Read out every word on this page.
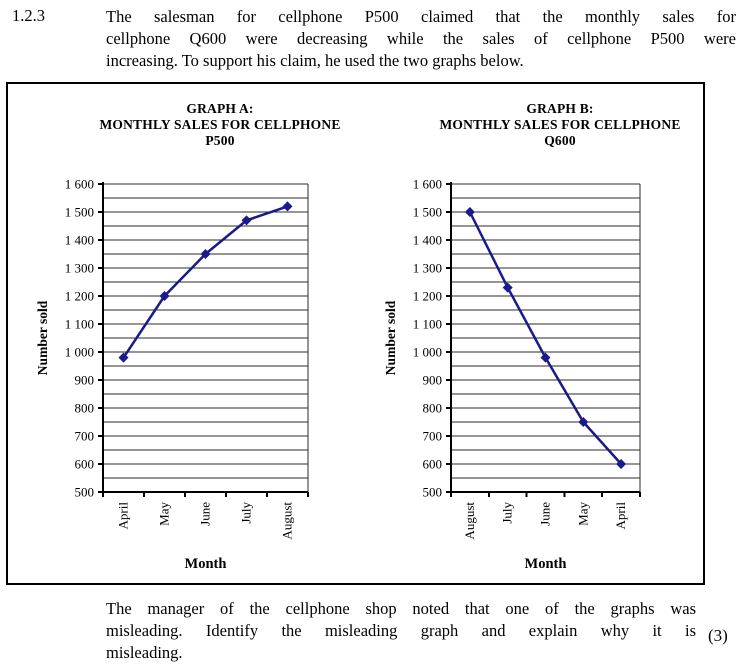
1.2.3	The salesman for cellphone P500 claimed that the monthly sales for
cellphone Q600 were decreasing while the sales of cellphone P500 were
increasing. To support his claim, he used the two graphs below.
GRAPH A:
MONTHLY SALES FOR CELLPHONE
P500
GRAPH B:
MONTHLY SALES FOR CELLPHONE
Q600
500
600
700
800
900
1 000
1 100
1 200
1 300
1 400
1 500
1 600
April May June July August
Number sold
Month
500
600
700
800
900
1 000
1 100
1 200
1 300
1 400
1 500
1 600
August July June May April
Number sold
Month
The manager of the cellphone shop noted that one of the graphs was
misleading. Identify the misleading graph and explain why it is
misleading.
(3)
